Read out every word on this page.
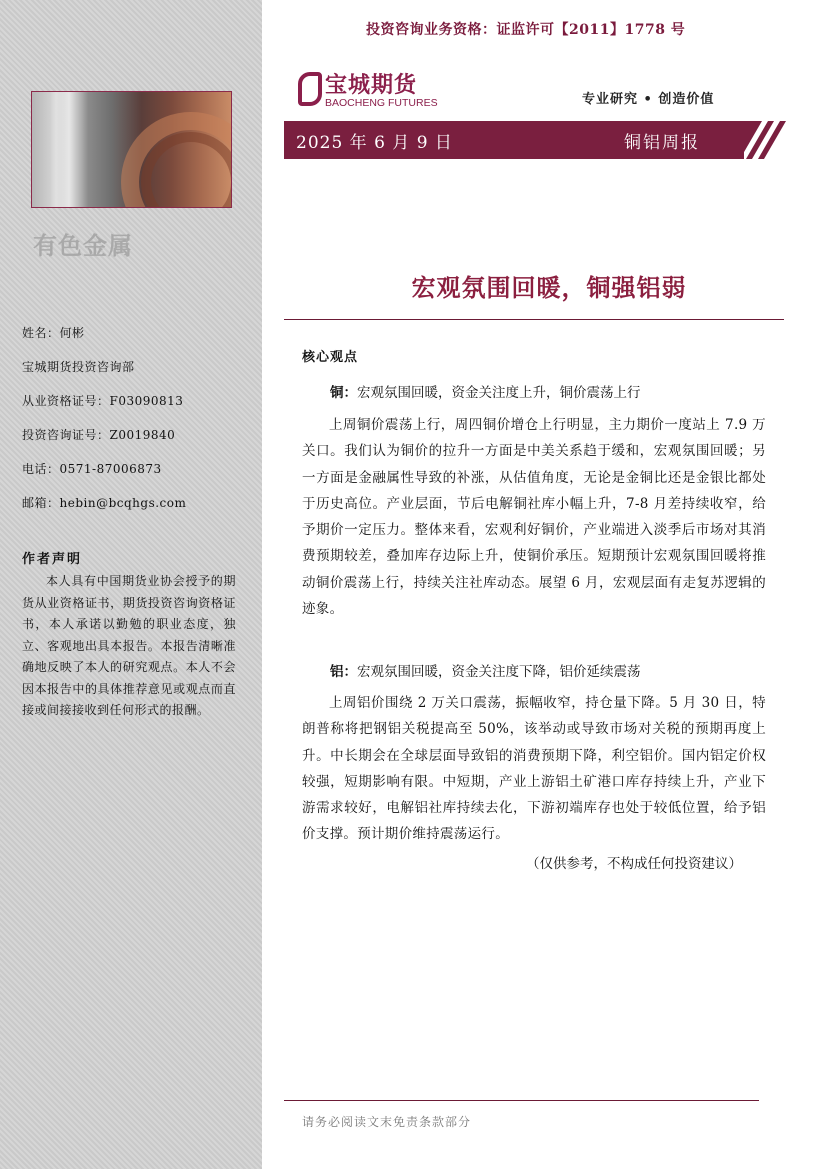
有色金属
姓名：何彬
宝城期货投资咨询部
从业资格证号：F03090813
投资咨询证号：Z0019840
电话：0571-87006873
邮箱：hebin@bcqhgs.com
作者声明
本人具有中国期货业协会授予的期货从业资格证书，期货投资咨询资格证书，本人承诺以勤勉的职业态度，独立、客观地出具本报告。本报告清晰准确地反映了本人的研究观点。本人不会因本报告中的具体推荐意见或观点而直接或间接接收到任何形式的报酬。
投资咨询业务资格：证监许可【2011】1778 号
宝城期货
BAOCHENG FUTURES	专业研究 • 创造价值
2025 年 6 月 9 日	铜铝周报
宏观氛围回暖，铜强铝弱
核心观点
铜：宏观氛围回暖，资金关注度上升，铜价震荡上行
上周铜价震荡上行，周四铜价增仓上行明显，主力期价一度站上 7.9 万关口。我们认为铜价的拉升一方面是中美关系趋于缓和，宏观氛围回暖；另一方面是金融属性导致的补涨，从估值角度，无论是金铜比还是金银比都处于历史高位。产业层面，节后电解铜社库小幅上升，7-8 月差持续收窄，给予期价一定压力。整体来看，宏观利好铜价，产业端进入淡季后市场对其消费预期较差，叠加库存边际上升，使铜价承压。短期预计宏观氛围回暖将推动铜价震荡上行，持续关注社库动态。展望 6 月，宏观层面有走复苏逻辑的迹象。
铝：宏观氛围回暖，资金关注度下降，铝价延续震荡
上周铝价围绕 2 万关口震荡，振幅收窄，持仓量下降。5 月 30 日，特朗普称将把钢铝关税提高至 50%，该举动或导致市场对关税的预期再度上升。中长期会在全球层面导致铝的消费预期下降，利空铝价。国内铝定价权较强，短期影响有限。中短期，产业上游铝土矿港口库存持续上升，产业下游需求较好，电解铝社库持续去化，下游初端库存也处于较低位置，给予铝价支撑。预计期价维持震荡运行。
（仅供参考，不构成任何投资建议）
请务必阅读文末免责条款部分
